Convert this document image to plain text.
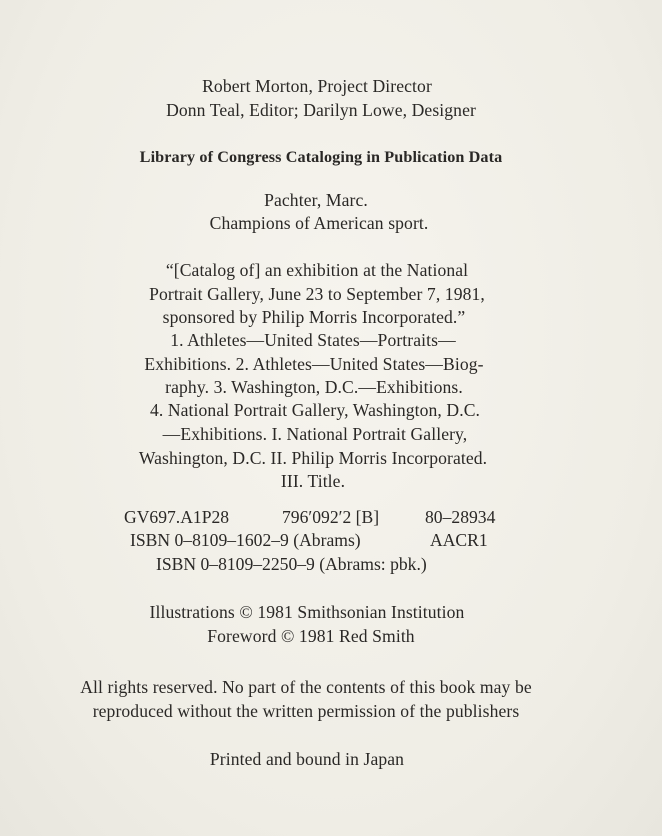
Robert Morton, Project Director
Donn Teal, Editor; Darilyn Lowe, Designer
Library of Congress Cataloging in Publication Data
Pachter, Marc.
Champions of American sport.
“[Catalog of] an exhibition at the National
Portrait Gallery, June 23 to September 7, 1981,
sponsored by Philip Morris Incorporated.”
1. Athletes—United States—Portraits—
Exhibitions. 2. Athletes—United States—Biog-
raphy. 3. Washington, D.C.—Exhibitions.
4. National Portrait Gallery, Washington, D.C.
—Exhibitions. I. National Portrait Gallery,
Washington, D.C. II. Philip Morris Incorporated.
III. Title.
GV697.A1P28	796′092′2 [B]	80–28934
ISBN 0–8109–1602–9 (Abrams)	AACR1
ISBN 0–8109–2250–9 (Abrams: pbk.)
Illustrations © 1981 Smithsonian Institution
Foreword © 1981 Red Smith
All rights reserved. No part of the contents of this book may be
reproduced without the written permission of the publishers
Printed and bound in Japan
